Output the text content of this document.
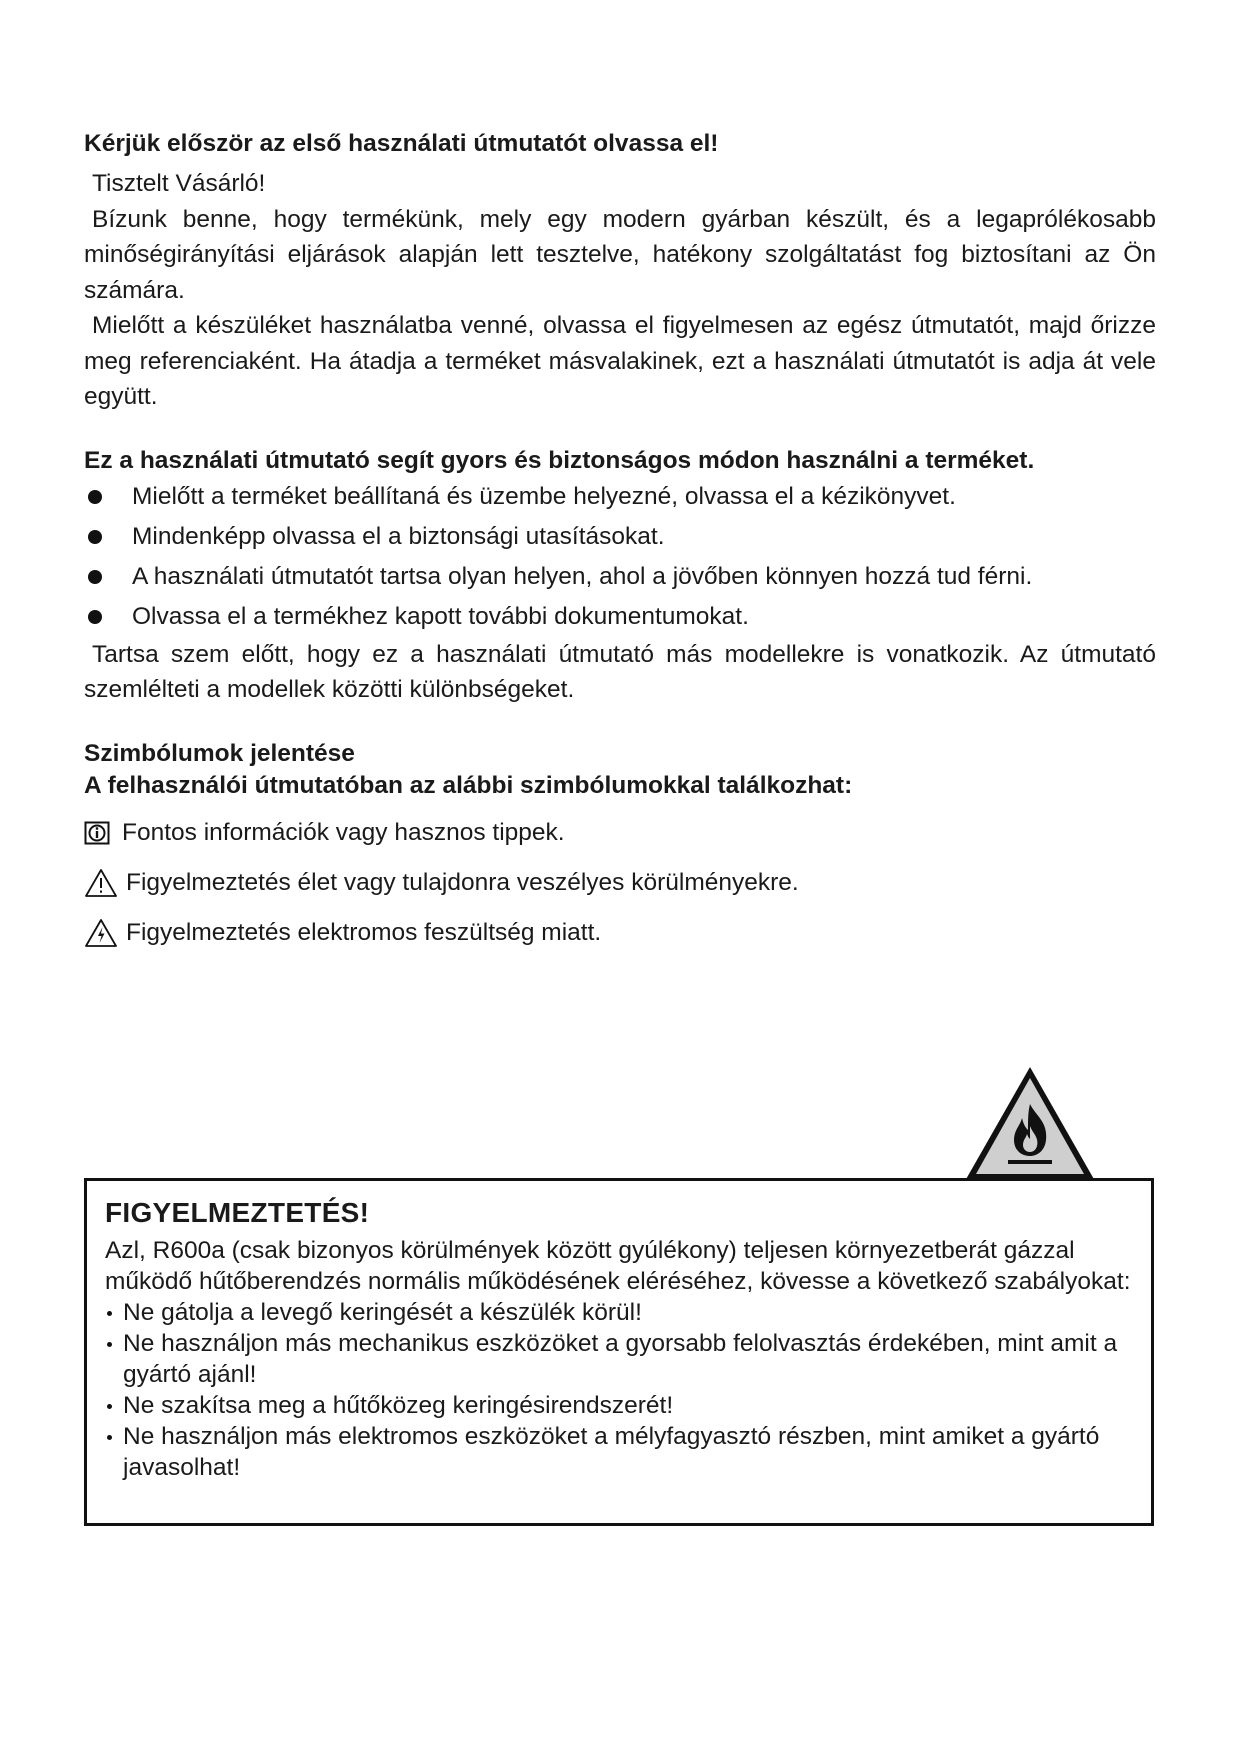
Kérjük először az első használati útmutatót olvassa el!

Tisztelt Vásárló!

Bízunk benne, hogy termékünk, mely egy modern gyárban készült, és a legaprólékosabb minőségirányítási eljárások alapján lett tesztelve, hatékony szolgáltatást fog biztosítani az Ön számára.

Mielőtt a készüléket használatba venné, olvassa el figyelmesen az egész útmutatót, majd őrizze meg referenciaként. Ha átadja a terméket másvalakinek, ezt a használati útmutatót is adja át vele együtt.

Ez a használati útmutató segít gyors és biztonságos módon használni a terméket.

Mielőtt a terméket beállítaná és üzembe helyezné, olvassa el a kézikönyvet.
Mindenképp olvassa el a biztonsági utasításokat.
A használati útmutatót tartsa olyan helyen, ahol a jövőben könnyen hozzá tud férni.
Olvassa el a termékhez kapott további dokumentumokat.

Tartsa szem előtt, hogy ez a használati útmutató más modellekre is vonatkozik. Az útmutató szemlélteti a modellek közötti különbségeket.

Szimbólumok jelentése

A felhasználói útmutatóban az alábbi szimbólumokkal találkozhat:

Fontos információk vagy hasznos tippek.
Figyelmeztetés élet vagy tulajdonra veszélyes körülményekre.
Figyelmeztetés elektromos feszültség miatt.

FIGYELMEZTETÉS!

Azl, R600a (csak bizonyos körülmények között gyúlékony) teljesen környezetberát gázzal működő hűtőberendzés normális működésének eléréséhez, kövesse a következő szabályokat:

Ne gátolja a levegő keringését a készülék körül!
Ne használjon más mechanikus eszközöket a gyorsabb felolvasztás érdekében, mint amit a gyártó ajánl!
Ne szakítsa meg a hűtőközeg keringésirendszerét!
Ne használjon más elektromos eszközöket a mélyfagyasztó részben, mint amiket a gyártó javasolhat!
